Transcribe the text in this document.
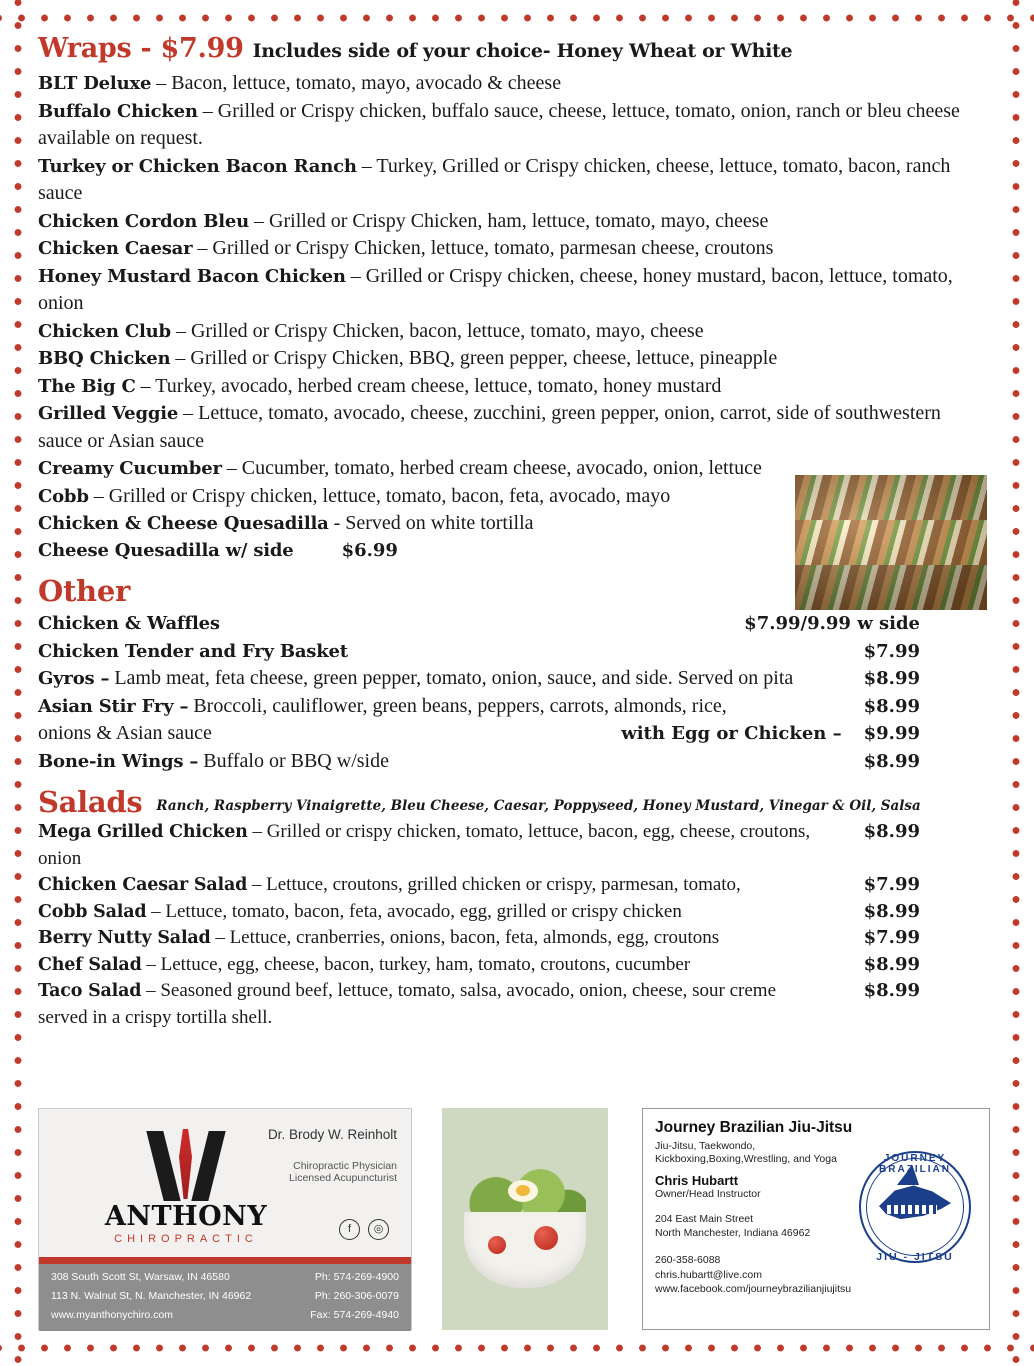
Wraps - $7.99 Includes side of your choice- Honey Wheat or White

BLT Deluxe – Bacon, lettuce, tomato, mayo, avocado & cheese

Buffalo Chicken – Grilled or Crispy chicken, buffalo sauce, cheese, lettuce, tomato, onion, ranch or bleu cheese available on request.

Turkey or Chicken Bacon Ranch – Turkey, Grilled or Crispy chicken, cheese, lettuce, tomato, bacon, ranch sauce

Chicken Cordon Bleu – Grilled or Crispy Chicken, ham, lettuce, tomato, mayo, cheese

Chicken Caesar – Grilled or Crispy Chicken, lettuce, tomato, parmesan cheese, croutons

Honey Mustard Bacon Chicken – Grilled or Crispy chicken, cheese, honey mustard, bacon, lettuce, tomato, onion

Chicken Club – Grilled or Crispy Chicken, bacon, lettuce, tomato, mayo, cheese

BBQ Chicken – Grilled or Crispy Chicken, BBQ, green pepper, cheese, lettuce, pineapple

The Big C – Turkey, avocado, herbed cream cheese, lettuce, tomato, honey mustard

Grilled Veggie – Lettuce, tomato, avocado, cheese, zucchini, green pepper, onion, carrot, side of southwestern sauce or Asian sauce

Creamy Cucumber – Cucumber, tomato, herbed cream cheese, avocado, onion, lettuce

Cobb – Grilled or Crispy chicken, lettuce, tomato, bacon, feta, avocado, mayo

Chicken & Cheese Quesadilla - Served on white tortilla

Cheese Quesadilla w/ side	$6.99

Other
Chicken & Waffles	$7.99/9.99 w side
Chicken Tender and Fry Basket	$7.99
Gyros – Lamb meat, feta cheese, green pepper, tomato, onion, sauce, and side. Served on pita	$8.99
Asian Stir Fry – Broccoli, cauliflower, green beans, peppers, carrots, almonds, rice,	$8.99
onions & Asian sauce	with Egg or Chicken – $9.99
Bone-in Wings – Buffalo or BBQ w/side	$8.99
Salads Ranch, Raspberry Vinaigrette, Bleu Cheese, Caesar, Poppyseed, Honey Mustard, Vinegar & Oil, Salsa
Mega Grilled Chicken – Grilled or crispy chicken, tomato, lettuce, bacon, egg, cheese, croutons, onion
$8.99
Chicken Caesar Salad – Lettuce, croutons, grilled chicken or crispy, parmesan, tomato,	$7.99
Cobb Salad – Lettuce, tomato, bacon, feta, avocado, egg, grilled or crispy chicken	$8.99
Berry Nutty Salad – Lettuce, cranberries, onions, bacon, feta, almonds, egg, croutons	$7.99
Chef Salad – Lettuce, egg, cheese, bacon, turkey, ham, tomato, croutons, cucumber	$8.99
Taco Salad – Seasoned ground beef, lettuce, tomato, salsa, avocado, onion, cheese, sour creme	$8.99

served in a crispy tortilla shell.

ANTHONY
CHIROPRACTIC
Dr. Brody W. Reinholt
Chiropractic Physician
Licensed Acupuncturist
f	◎
308 South Scott St, Warsaw, IN 46580	Ph: 574-269-4900
113 N. Walnut St, N. Manchester, IN 46962	Ph: 260-306-0079
www.myanthonychiro.com	Fax: 574-269-4940
Journey Brazilian Jiu-Jitsu
Jiu-Jitsu, Taekwondo,
Kickboxing,Boxing,Wrestling, and Yoga
Chris Hubartt
Owner/Head Instructor
204 East Main Street
North Manchester, Indiana 46962
260-358-6088
chris.hubartt@live.com
www.facebook.com/journeybrazilianjiujitsu
JOURNEY BRAZILIAN
JIU - JITSU
